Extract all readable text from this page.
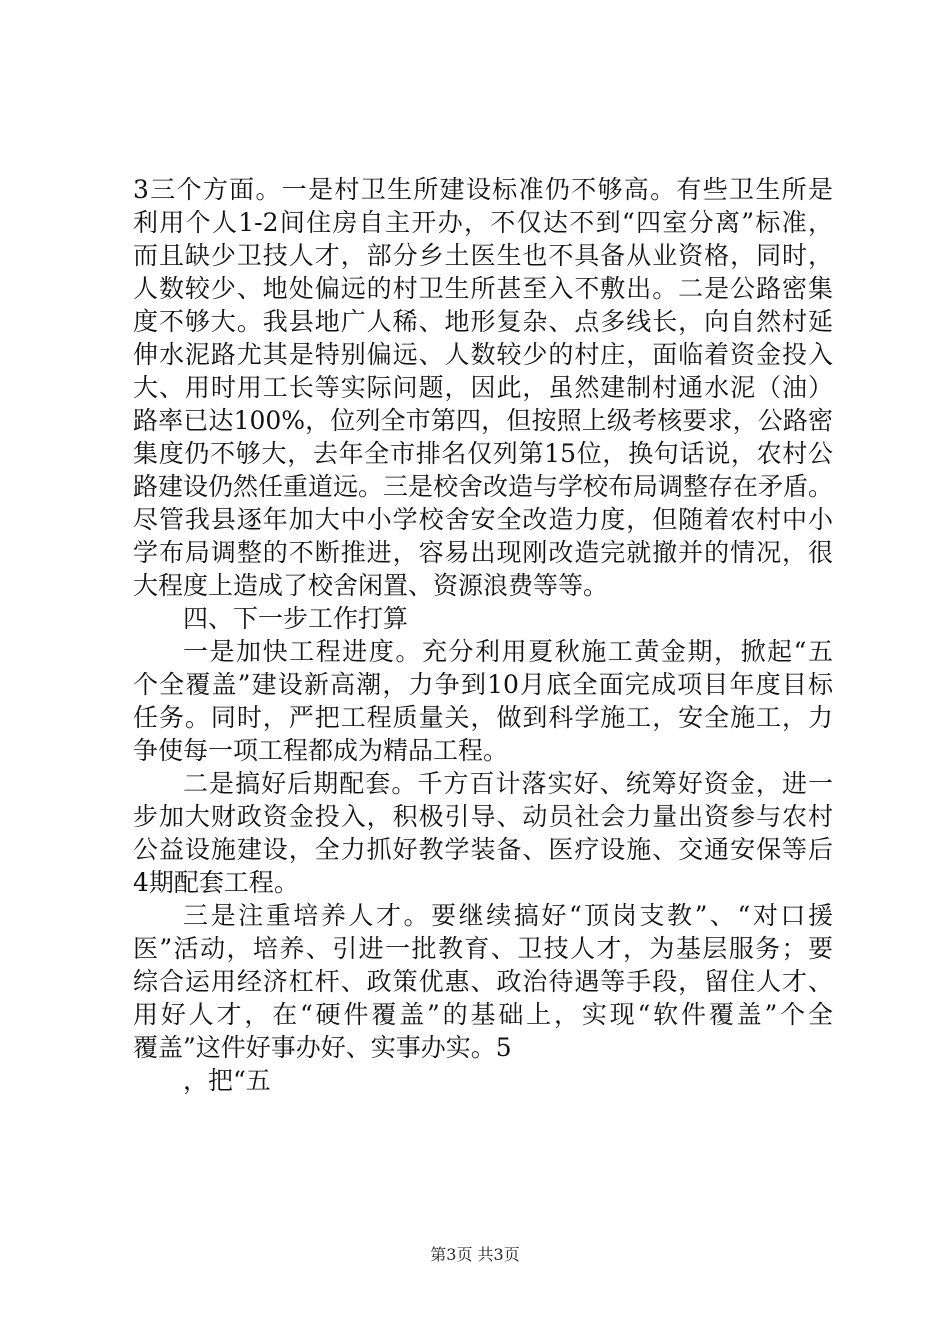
3三个方面。一是村卫生所建设标准仍不够高。有些卫生所是
利用个人1-2间住房自主开办，不仅达不到“四室分离”标准，
而且缺少卫技人才，部分乡土医生也不具备从业资格，同时，
人数较少、地处偏远的村卫生所甚至入不敷出。二是公路密集
度不够大。我县地广人稀、地形复杂、点多线长，向自然村延
伸水泥路尤其是特别偏远、人数较少的村庄，面临着资金投入
大、用时用工长等实际问题，因此，虽然建制村通水泥（油）
路率已达100%，位列全市第四，但按照上级考核要求，公路密
集度仍不够大，去年全市排名仅列第15位，换句话说，农村公
路建设仍然任重道远。三是校舍改造与学校布局调整存在矛盾。
尽管我县逐年加大中小学校舍安全改造力度，但随着农村中小
学布局调整的不断推进，容易出现刚改造完就撤并的情况，很
大程度上造成了校舍闲置、资源浪费等等。
四、下一步工作打算
一是加快工程进度。充分利用夏秋施工黄金期，掀起“五
个全覆盖”建设新高潮，力争到10月底全面完成项目年度目标
任务。同时，严把工程质量关，做到科学施工，安全施工，力
争使每一项工程都成为精品工程。
二是搞好后期配套。千方百计落实好、统筹好资金，进一
步加大财政资金投入，积极引导、动员社会力量出资参与农村
公益设施建设，全力抓好教学装备、医疗设施、交通安保等后
4期配套工程。
三是注重培养人才。要继续搞好“顶岗支教”、“对口援
医”活动，培养、引进一批教育、卫技人才，为基层服务；要
综合运用经济杠杆、政策优惠、政治待遇等手段，留住人才、
用好人才，在“硬件覆盖”的基础上，实现“软件覆盖”个全
覆盖”这件好事办好、实事办实。5
，把“五
第3页 共3页
